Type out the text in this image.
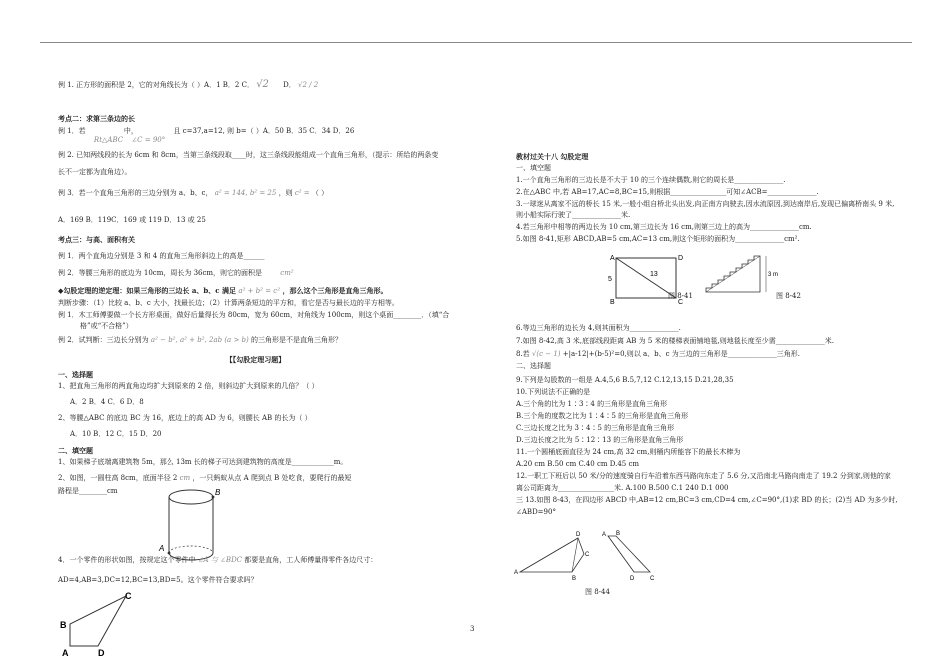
例 1. 正方形的面积是 2，它的对角线长为（ ）A．1 B．2 C． √2 D． √2 / 2
考点二：求第三条边的长
例 1．若	中，
Rt△ABC ∠C = 90° 且 c=37,a=12, 则 b=（ ）A．50 B．35 C．34 D．26
例 2. 已知两线段的长为 6cm 和 8cm，当第三条线段取____时，这三条线段能组成一个直角三角形，（提示：所给的两条变
长不一定都为直角边）。
例 3．若一个直角三角形的三边分别为 a、b、c， a² = 144, b² = 25 ，则 c² = （ ）
A．169 B．119C．169 或 119 D．13 或 25
考点三：与高、面积有关
例 1．两个直角边分别是 3 和 4 的直角三角形斜边上的高是______
例 2．等腰三角形的底边为 10cm，周长为 36cm，则它的面积是	cm²
◆勾股定理的逆定理：如果三角形的三边长 a、b、c 满足 a² + b² = c² ，那么这个三角形是直角三角形。
判断步骤：（1）比较 a、b、c 大小，找最长边；（2）计算两条短边的平方和，看它是否与最长边的平方相等。
例 1．木工师傅要做一个长方形桌面，做好后量得长为 80cm，宽为 60cm，对角线为 100cm，则这个桌面________．（填“合
格”或“不合格”）
例 2．试判断：三边长分别为 a² − b², a² + b², 2ab (a > b) 的三角形是不是直角三角形？
【【勾股定理习题】
一、选择题
1、把直角三角形的两直角边均扩大到原来的 2 倍，则斜边扩大到原来的几倍？（ ）
A．2 B．4 C．6 D．8
2、等腰△ABC 的底边 BC 为 16，底边上的高 AD 为 6，则腰长 AB 的长为（ ）
A．10 B．12 C．15 D．20
二、填空题
1、如果梯子底端离建筑物 5m，那么 13m 长的梯子可达到建筑物的高度是____________m。
2、如图，一圆柱高 8cm，底面半径 2 cm ，一只蚂蚁从点 A 爬到点 B 处吃食，要爬行的最短
路程是________cm	B
A
4．一个零件的形状如图，按规定这个零件中 ∠A 与 ∠BDC 都要是直角，工人师傅量得零件各边尺寸：
AD=4,AB=3,DC=12,BC=13,BD=5。这个零件符合要求吗？
B
C
A	D
教材过关十八 勾股定理
一、填空题
1.一个直角三角形的三边长是不大于 10 的三个连续偶数,则它的周长是______________.
2.在△ABC 中,若 AB=17,AC=8,BC=15,则根据________________可知∠ACB=______________.
3.一球迷从离家不远的桥长 15 米,一般小组自桥北头出发,向正南方向驶去,因水流原因,到达南岸后,发现已偏离桥南头 9 米,
则小船实际行驶了______________米.
4.若三角形中相等的两边长为 10 cm,第三边长为 16 cm,则第三边上的高为______________cm.
5.如图 8-41,矩形 ABCD,AB=5 cm,AC=13 cm,则这个矩形的面积为______________cm².
A	D
B	C
5
13
图 8-41
3 m
图 8-42
6.等边三角形的边长为 4,则其面积为______________.
7.如图 8-42,高 3 米,底部线段距离 AB 为 5 米的楼梯表面铺地毯,则地毯长度至少需______________米.
8.若 √(c − 1) +|a-12|+(b-5)²=0,则以 a、b、c 为三边的三角形是______________三角形.
二、选择题
9.下列是勾股数的一组是 A.4,5,6 B.5,7,12 C.12,13,15 D.21,28,35
10.下列说法不正确的是
A.三个角的比为 1∶3∶4 的三角形是直角三角形
B.三个角的度数之比为 1∶4∶5 的三角形是直角三角形
C.三边长度之比为 3∶4∶5 的三角形是直角三角形
D.三边长度之比为 5∶12∶13 的三角形是直角三角形
11.一个圆桶底面直径为 24 cm,高 32 cm,则桶内所能容下的最长木棒为
A.20 cm B.50 cm C.40 cm D.45 cm
12.一职工下班后以 50 米/分的速度骑自行车沿着东西马路向东走了 5.6 分,又沿南北马路向南走了 19.2 分到家,则他的家
离公司距离为________________米. A.100 B.500 C.1 240 D.1 000
三 13.如图 8-43，在四边形 ABCD 中,AB=12 cm,BC=3 cm,CD=4 cm,∠C=90°,(1)求 BD 的长；(2)当 AD 为多少时,
∠ABD=90°
A
B
C
D	A B
C
D
图 8-44
3
